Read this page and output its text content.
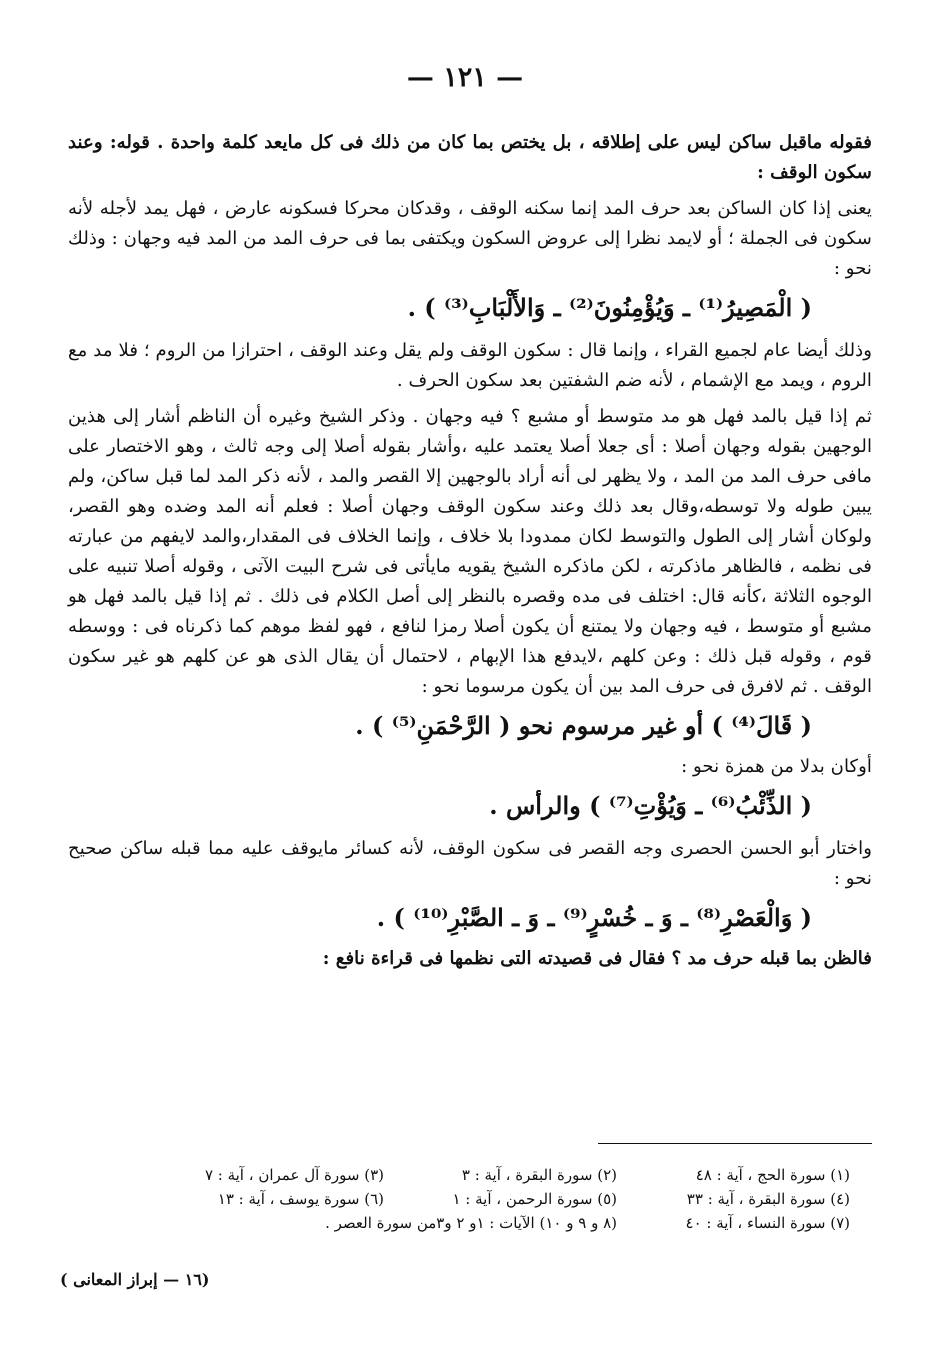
— ١٢١ —

فقوله ماقبل ساكن ليس على إطلاقه ، بل يختص بما كان من ذلك فى كل مايعد كلمة واحدة . قوله: وعند سكون الوقف :

يعنى إذا كان الساكن بعد حرف المد إنما سكنه الوقف ، وقدكان محركا فسكونه عارض ، فهل يمد لأجله لأنه سكون فى الجملة ؛ أو لايمد نظرا إلى عروض السكون ويكتفى بما فى حرف المد من المد فيه وجهان : وذلك نحو :

( الْمَصِيرُ⁽¹⁾ ـ وَيُؤْمِنُونَ⁽²⁾ ـ وَالأَلْبَابِ⁽³⁾ ) .

وذلك أيضا عام لجميع القراء ، وإنما قال : سكون الوقف ولم يقل وعند الوقف ، احترازا من الروم ؛ فلا مد مع الروم ، ويمد مع الإشمام ، لأنه ضم الشفتين بعد سكون الحرف .

ثم إذا قيل بالمد فهل هو مد متوسط أو مشبع ؟ فيه وجهان . وذكر الشيخ وغيره أن الناظم أشار إلى هذين الوجهين بقوله وجهان أصلا : أى جعلا أصلا يعتمد عليه ،وأشار بقوله أصلا إلى وجه ثالث ، وهو الاختصار على مافى حرف المد من المد ، ولا يظهر لى أنه أراد بالوجهين إلا القصر والمد ، لأنه ذكر المد لما قبل ساكن، ولم يبين طوله ولا توسطه،وقال بعد ذلك وعند سكون الوقف وجهان أصلا : فعلم أنه المد وضده وهو القصر، ولوكان أشار إلى الطول والتوسط لكان ممدودا بلا خلاف ، وإنما الخلاف فى المقدار،والمد لايفهم من عبارته فى نظمه ، فالظاهر ماذكرته ، لكن ماذكره الشيخ يقويه مايأتى فى شرح البيت الآتى ، وقوله أصلا تنبيه على الوجوه الثلاثة ،كأنه قال: اختلف فى مده وقصره بالنظر إلى أصل الكلام فى ذلك . ثم إذا قيل بالمد فهل هو مشبع أو متوسط ، فيه وجهان ولا يمتنع أن يكون أصلا رمزا لنافع ، فهو لفظ موهم كما ذكرناه فى : ووسطه قوم ، وقوله قبل ذلك : وعن كلهم ،لايدفع هذا الإبهام ، لاحتمال أن يقال الذى هو عن كلهم هو غير سكون الوقف . ثم لافرق فى حرف المد بين أن يكون مرسوما نحو :

( قَالَ⁽⁴⁾ ) أو غير مرسوم نحو ( الرَّحْمَنِ⁽⁵⁾ ) .

أوكان بدلا من همزة نحو :

( الذِّئْبُ⁽⁶⁾ ـ وَيُؤْتِ⁽⁷⁾ ) والرأس .

واختار أبو الحسن الحصرى وجه القصر فى سكون الوقف، لأنه كسائر مايوقف عليه مما قبله ساكن صحيح نحو :

( وَالْعَصْرِ⁽⁸⁾ ـ وَ ـ خُسْرٍ⁽⁹⁾ ـ وَ ـ الصَّبْرِ⁽¹⁰⁾ ) .

فالظن بما قبله حرف مد ؟ فقال فى قصيدته التى نظمها فى قراءة نافع :

(١) سورة الحج ، آية : ٤٨
(٢) سورة البقرة ، آية : ٣
(٣) سورة آل عمران ، آية : ٧
(٤) سورة البقرة ، آية : ٣٣
(٥) سورة الرحمن ، آية : ١
(٦) سورة يوسف ، آية : ١٣
(٧) سورة النساء ، آية : ٤٠
(٨ و ٩ و ١٠) الآيات : ١و ٢ و٣من سورة العصر .
(١٦ — إبراز المعانى )
